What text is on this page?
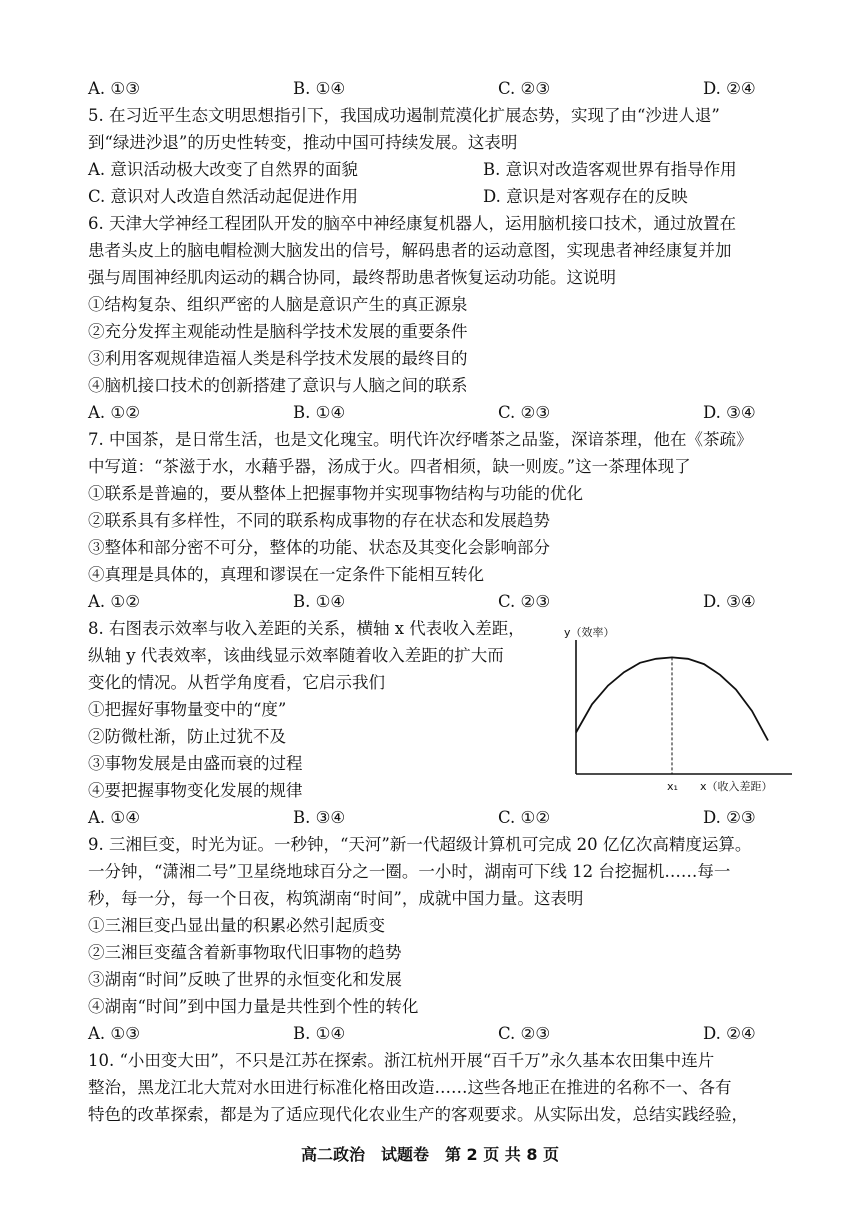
A. ①③	B. ①④	C. ②③	D. ②④
5. 在习近平生态文明思想指引下，我国成功遏制荒漠化扩展态势，实现了由“沙进人退”
到“绿进沙退”的历史性转变，推动中国可持续发展。这表明
A. 意识活动极大改变了自然界的面貌	B. 意识对改造客观世界有指导作用
C. 意识对人改造自然活动起促进作用	D. 意识是对客观存在的反映
6. 天津大学神经工程团队开发的脑卒中神经康复机器人，运用脑机接口技术，通过放置在
患者头皮上的脑电帽检测大脑发出的信号，解码患者的运动意图，实现患者神经康复并加
强与周围神经肌肉运动的耦合协同，最终帮助患者恢复运动功能。这说明
①结构复杂、组织严密的人脑是意识产生的真正源泉
②充分发挥主观能动性是脑科学技术发展的重要条件
③利用客观规律造福人类是科学技术发展的最终目的
④脑机接口技术的创新搭建了意识与人脑之间的联系
A. ①②	B. ①④	C. ②③	D. ③④
7. 中国茶，是日常生活，也是文化瑰宝。明代许次纾嗜茶之品鉴，深谙茶理，他在《茶疏》
中写道：“茶滋于水，水藉乎器，汤成于火。四者相须，缺一则废。”这一茶理体现了
①联系是普遍的，要从整体上把握事物并实现事物结构与功能的优化
②联系具有多样性，不同的联系构成事物的存在状态和发展趋势
③整体和部分密不可分，整体的功能、状态及其变化会影响部分
④真理是具体的，真理和谬误在一定条件下能相互转化
A. ①②	B. ①④	C. ②③	D. ③④
8. 右图表示效率与收入差距的关系，横轴 x 代表收入差距，
纵轴 y 代表效率，该曲线显示效率随着收入差距的扩大而
变化的情况。从哲学角度看，它启示我们
①把握好事物量变中的“度”
②防微杜渐，防止过犹不及
③事物发展是由盛而衰的过程
④要把握事物变化发展的规律
y（效率）
x（收入差距）
x₁
A. ①④	B. ③④	C. ①②	D. ②③
9. 三湘巨变，时光为证。一秒钟，“天河”新一代超级计算机可完成 20 亿亿次高精度运算。
一分钟，“潇湘二号”卫星绕地球百分之一圈。一小时，湖南可下线 12 台挖掘机……每一
秒，每一分，每一个日夜，构筑湖南“时间”，成就中国力量。这表明
①三湘巨变凸显出量的积累必然引起质变
②三湘巨变蕴含着新事物取代旧事物的趋势
③湖南“时间”反映了世界的永恒变化和发展
④湖南“时间”到中国力量是共性到个性的转化
A. ①③	B. ①④	C. ②③	D. ②④
10. “小田变大田”，不只是江苏在探索。浙江杭州开展“百千万”永久基本农田集中连片
整治，黑龙江北大荒对水田进行标准化格田改造……这些各地正在推进的名称不一、各有
特色的改革探索，都是为了适应现代化农业生产的客观要求。从实际出发，总结实践经验，
高二政治　试题卷　第 2 页 共 8 页
